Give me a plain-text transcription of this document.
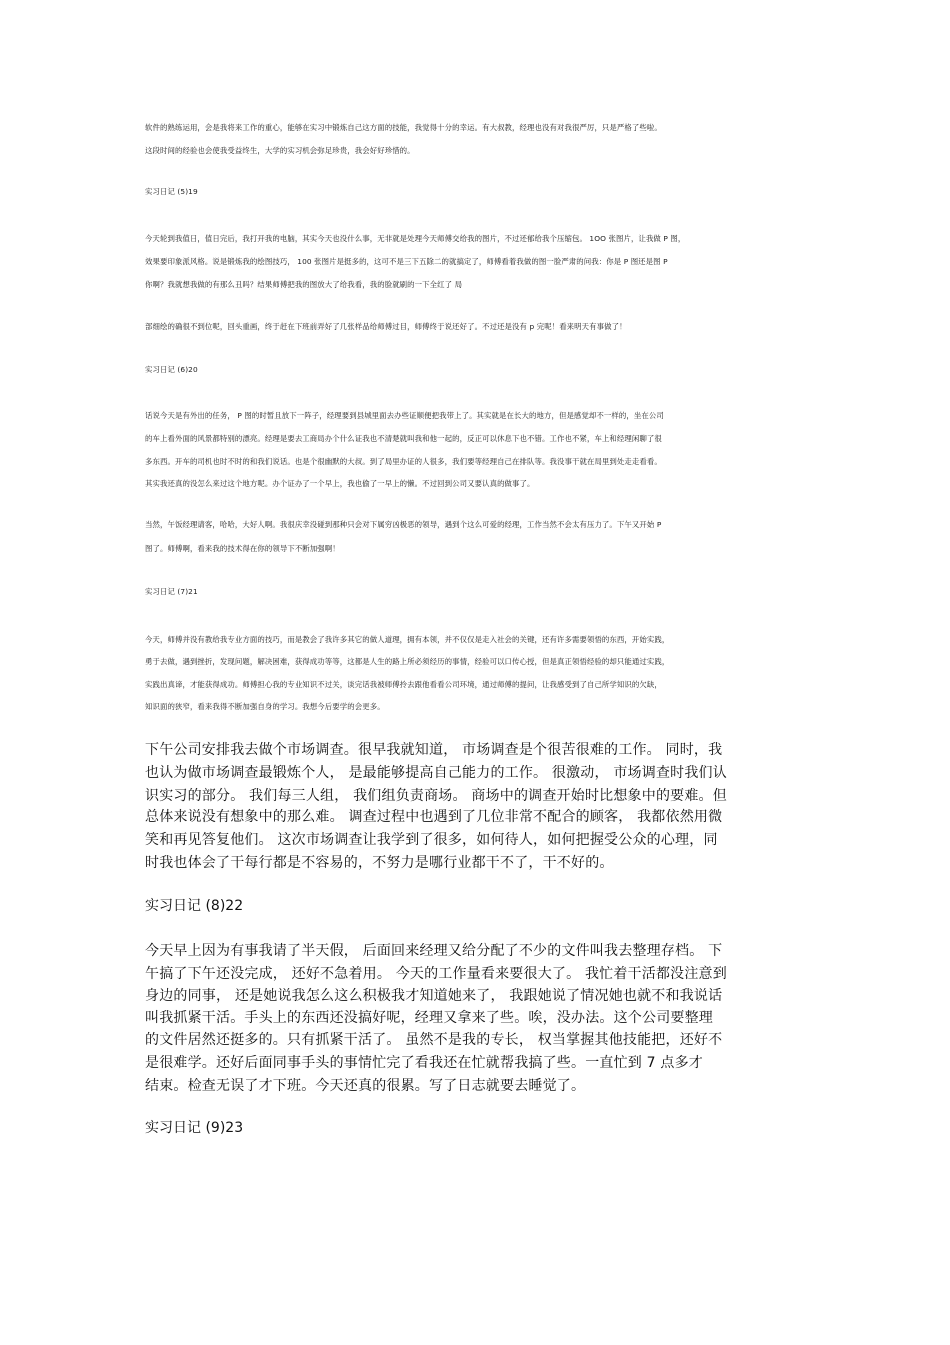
软件的熟练运用，会是我将来工作的重心，能够在实习中锻炼自己这方面的技能，我觉得十分的幸运。有大叔教，经理也没有对我很严厉，只是严格了些啦。
这段时间的经验也会使我受益终生，大学的实习机会弥足珍贵，我会好好珍惜的。
实习日记 (5)19
今天轮到我值日，值日完后，我打开我的电脑，其实今天也没什么事，无非就是处理今天师傅交给我的图片，不过还郁给我个压缩包。 1OO 张图片，让我做 P 图，
效果要印象派风格。说是锻炼我的绘图技巧， 100 张图片是挺多的，这可不是三下五除二的就搞定了，师傅看着我做的图一脸严肃的问我：你是 P 图还是图 P
你啊？我就想我做的有那么丑吗？结果师傅把我的图放大了给我看，我的脸就刷的一下全红了 局
部细绘的确很不到位呢，回头重画，终于赶在下班前弄好了几张样品给师傅过目，师傅终于说还好了。不过还是没有 p 完呢！看来明天有事做了！
实习日记 (6)20
话说今天是有外出的任务， P 图的时暂且放下一阵子，经理要到县城里面去办些证顺便把我带上了。其实就是在长大的地方，但是感觉却不一样的，坐在公司
的车上看外面的风景都特别的漂亮。经理是要去工商局办个什么证我也不清楚就叫我和他一起的，反正可以休息下也不错。工作也不紧，车上和经理闲聊了很
多东西。开车的司机也时不时的和我们说话。也是个很幽默的大叔。到了局里办证的人很多，我们要等经理自己在排队等。我没事干就在局里到处走走看看。
其实我还真的没怎么来过这个地方呢。办个证办了一个早上，我也偷了一早上的懒。不过回到公司又要认真的做事了。
当然，午饭经理请客，哈哈，大好人啊。我很庆幸没碰到那种只会对下属穷凶极恶的领导，遇到个这么可爱的经理，工作当然不会太有压力了。下午又开始 P
图了。师傅啊，看来我的技术得在你的领导下不断加强啊！
实习日记 (7)21
今天，师傅并没有教给我专业方面的技巧，而是教会了我许多其它的做人道理，拥有本领，并不仅仅是走入社会的关键，还有许多需要领悟的东西，开始实践，
勇于去做，遇到挫折，发现问题，解决困难，获得成功等等，这都是人生的路上所必须经历的事情，经验可以口传心授，但是真正领悟经验的却只能通过实践，
实践出真谛，才能获得成功。师傅担心我的专业知识不过关，谈完话我被师傅拎去跟他看看公司环境，通过师傅的提问，让我感受到了自己所学知识的欠缺，
知识面的狭窄，看来我得不断加强自身的学习。我想今后要学的会更多。
下午公司安排我去做个市场调查。很早我就知道， 市场调查是个很苦很难的工作。 同时，我
也认为做市场调查最锻炼个人， 是最能够提高自己能力的工作。 很激动， 市场调查时我们认
识实习的部分。 我们每三人组， 我们组负责商场。 商场中的调查开始时比想象中的要难。但
总体来说没有想象中的那么难。 调查过程中也遇到了几位非常不配合的顾客， 我都依然用微
笑和再见答复他们。 这次市场调查让我学到了很多，如何待人，如何把握受公众的心理，同
时我也体会了干每行都是不容易的，不努力是哪行业都干不了，干不好的。
实习日记 (8)22
今天早上因为有事我请了半天假， 后面回来经理又给分配了不少的文件叫我去整理存档。 下
午搞了下午还没完成， 还好不急着用。 今天的工作量看来要很大了。 我忙着干活都没注意到
身边的同事， 还是她说我怎么这么积极我才知道她来了， 我跟她说了情况她也就不和我说话
叫我抓紧干活。手头上的东西还没搞好呢，经理又拿来了些。唉，没办法。这个公司要整理
的文件居然还挺多的。只有抓紧干活了。 虽然不是我的专长， 权当掌握其他技能把，还好不
是很难学。还好后面同事手头的事情忙完了看我还在忙就帮我搞了些。一直忙到 7 点多才
结束。检查无误了才下班。今天还真的很累。写了日志就要去睡觉了。
实习日记 (9)23
